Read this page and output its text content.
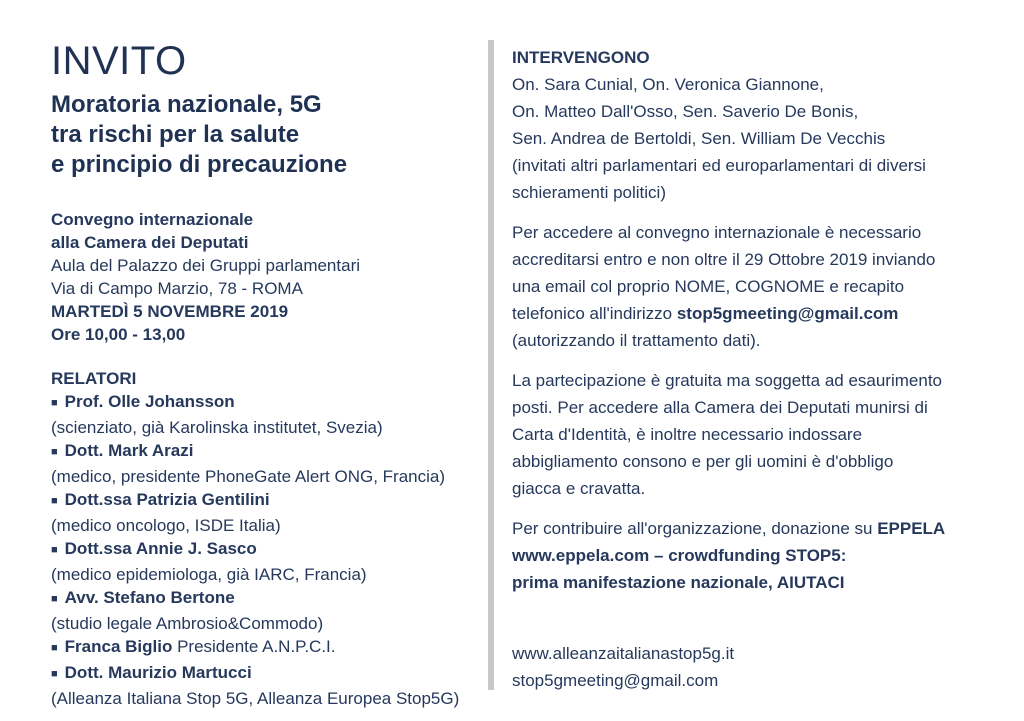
INVITO
Moratoria nazionale, 5G
tra rischi per la salute
e principio di precauzione
Convegno internazionale
alla Camera dei Deputati
Aula del Palazzo dei Gruppi parlamentari
Via di Campo Marzio, 78 - ROMA
MARTEDÌ 5 NOVEMBRE 2019
Ore 10,00 - 13,00
RELATORI
■ Prof. Olle Johansson
(scienziato, già Karolinska institutet, Svezia)
■ Dott. Mark Arazi
(medico, presidente PhoneGate Alert ONG, Francia)
■ Dott.ssa Patrizia Gentilini
(medico oncologo, ISDE Italia)
■ Dott.ssa Annie J. Sasco
(medico epidemiologa, già IARC, Francia)
■ Avv. Stefano Bertone
(studio legale Ambrosio&Commodo)
■ Franca Biglio Presidente A.N.P.C.I.
■ Dott. Maurizio Martucci
(Alleanza Italiana Stop 5G, Alleanza Europea Stop5G)
INTERVENGONO
On. Sara Cunial, On. Veronica Giannone,
On. Matteo Dall'Osso, Sen. Saverio De Bonis,
Sen. Andrea de Bertoldi, Sen. William De Vecchis
(invitati altri parlamentari ed europarlamentari di diversi
schieramenti politici)
Per accedere al convegno internazionale è necessario
accreditarsi entro e non oltre il 29 Ottobre 2019 inviando
una email col proprio NOME, COGNOME e recapito
telefonico all'indirizzo stop5gmeeting@gmail.com
(autorizzando il trattamento dati).
La partecipazione è gratuita ma soggetta ad esaurimento
posti. Per accedere alla Camera dei Deputati munirsi di
Carta d'Identità, è inoltre necessario indossare
abbigliamento consono e per gli uomini è d'obbligo
giacca e cravatta.
Per contribuire all'organizzazione, donazione su EPPELA
www.eppela.com – crowdfunding STOP5:
prima manifestazione nazionale, AIUTACI
www.alleanzaitalianastop5g.it
stop5gmeeting@gmail.com
